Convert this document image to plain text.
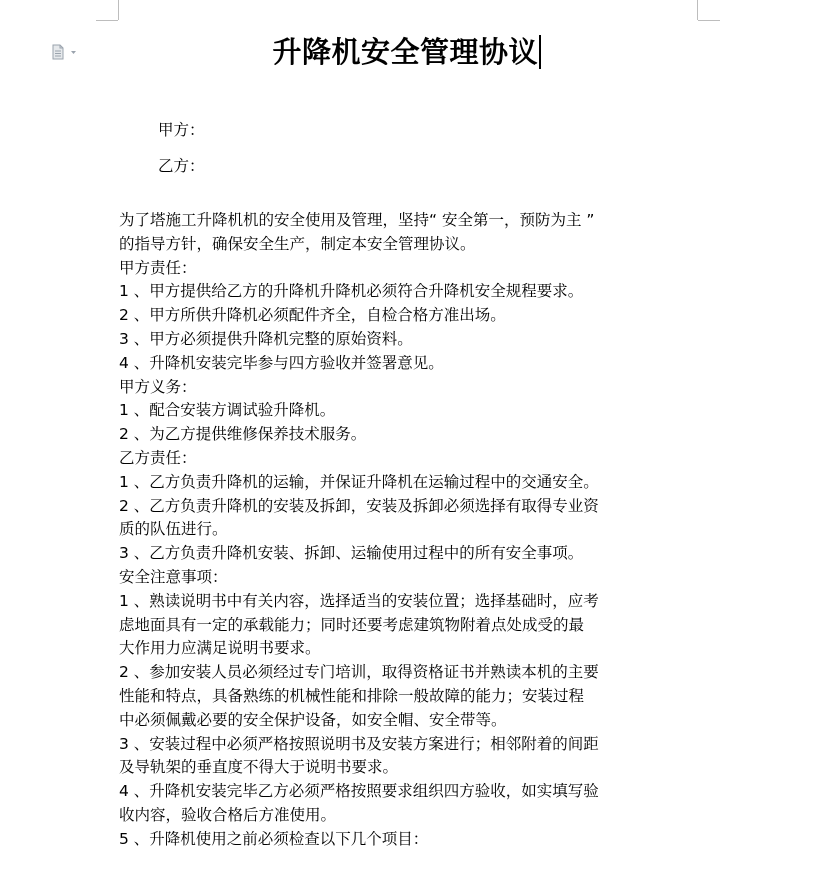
升降机安全管理协议
甲方：
乙方：
为了塔施工升降机机的安全使用及管理，坚持“ 安全第一，预防为主 ”
的指导方针，确保安全生产，制定本安全管理协议。
甲方责任：
1 、甲方提供给乙方的升降机升降机必须符合升降机安全规程要求。
2 、甲方所供升降机必须配件齐全，自检合格方准出场。
3 、甲方必须提供升降机完整的原始资料。
4 、升降机安装完毕参与四方验收并签署意见。
甲方义务：
1 、配合安装方调试验升降机。
2 、为乙方提供维修保养技术服务。
乙方责任：
1 、乙方负责升降机的运输，并保证升降机在运输过程中的交通安全。
2 、乙方负责升降机的安装及拆卸，安装及拆卸必须选择有取得专业资
质的队伍进行。
3 、乙方负责升降机安装、拆卸、运输使用过程中的所有安全事项。
安全注意事项：
1 、熟读说明书中有关内容，选择适当的安装位置；选择基础时，应考
虑地面具有一定的承载能力；同时还要考虑建筑物附着点处成受的最
大作用力应满足说明书要求。
2 、参加安装人员必须经过专门培训，取得资格证书并熟读本机的主要
性能和特点，具备熟练的机械性能和排除一般故障的能力；安装过程
中必须佩戴必要的安全保护设备，如安全帽、安全带等。
3 、安装过程中必须严格按照说明书及安装方案进行；相邻附着的间距
及导轨架的垂直度不得大于说明书要求。
4 、升降机安装完毕乙方必须严格按照要求组织四方验收，如实填写验
收内容，验收合格后方准使用。
5 、升降机使用之前必须检查以下几个项目：
